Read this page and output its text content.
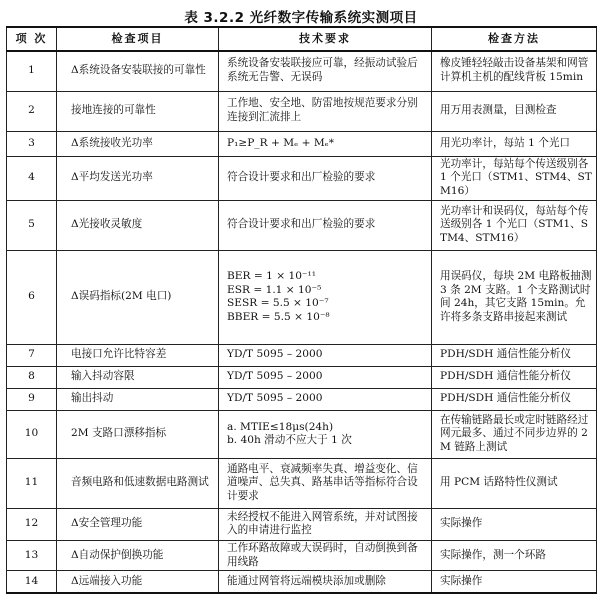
表 3.2.2 光纤数字传输系统实测项目
项 次	检查项目	技术要求	检查方法
1	Δ系统设备安装联接的可靠性	系统设备安装联接应可靠，经振动试验后系统无告警、无误码	橡皮锤轻轻敲击设备基架和网管计算机主机的配线背板 15min
2	接地连接的可靠性	工作地、安全地、防雷地按规范要求分别连接到汇流排上	用万用表测量，目测检查
3	Δ系统接收光功率	P₁≥P_R + Mₑ + Mₑ*	用光功率计，每站 1 个光口
4	Δ平均发送光功率	符合设计要求和出厂检验的要求	光功率计，每站每个传送级别各 1 个光口（STM1、STM4、STM16）
5	Δ光接收灵敏度	符合设计要求和出厂检验的要求	光功率计和误码仪，每站每个传送级别各 1 个光口（STM1、STM4、STM16）
6	Δ误码指标(2M 电口)	BER = 1 × 10⁻¹¹
ESR = 1.1 × 10⁻⁵
SESR = 5.5 × 10⁻⁷
BBER = 5.5 × 10⁻⁸	用误码仪，每块 2M 电路板抽测 3 条 2M 支路。1 个支路测试时间 24h，其它支路 15min。允许将多条支路串接起来测试
7	电接口允许比特容差	YD/T 5095 – 2000	PDH/SDH 通信性能分析仪
8	输入抖动容限	YD/T 5095 – 2000	PDH/SDH 通信性能分析仪
9	输出抖动	YD/T 5095 – 2000	PDH/SDH 通信性能分析仪
10	2M 支路口漂移指标	a. MTIE≤18μs(24h)
b. 40h 滑动不应大于 1 次	在传输链路最长或定时链路经过网元最多、通过不同步边界的 2M 链路上测试
11	音频电路和低速数据电路测试	通路电平、衰减频率失真、增益变化、信道噪声、总失真、路基串话等指标符合设计要求	用 PCM 话路特性仪测试
12	Δ安全管理功能	未经授权不能进入网管系统，并对试图接入的申请进行监控	实际操作
13	Δ自动保护倒换功能	工作环路故障或大误码时，自动倒换到备用线路	实际操作，测一个环路
14	Δ远端接入功能	能通过网管将远端模块添加或删除	实际操作
